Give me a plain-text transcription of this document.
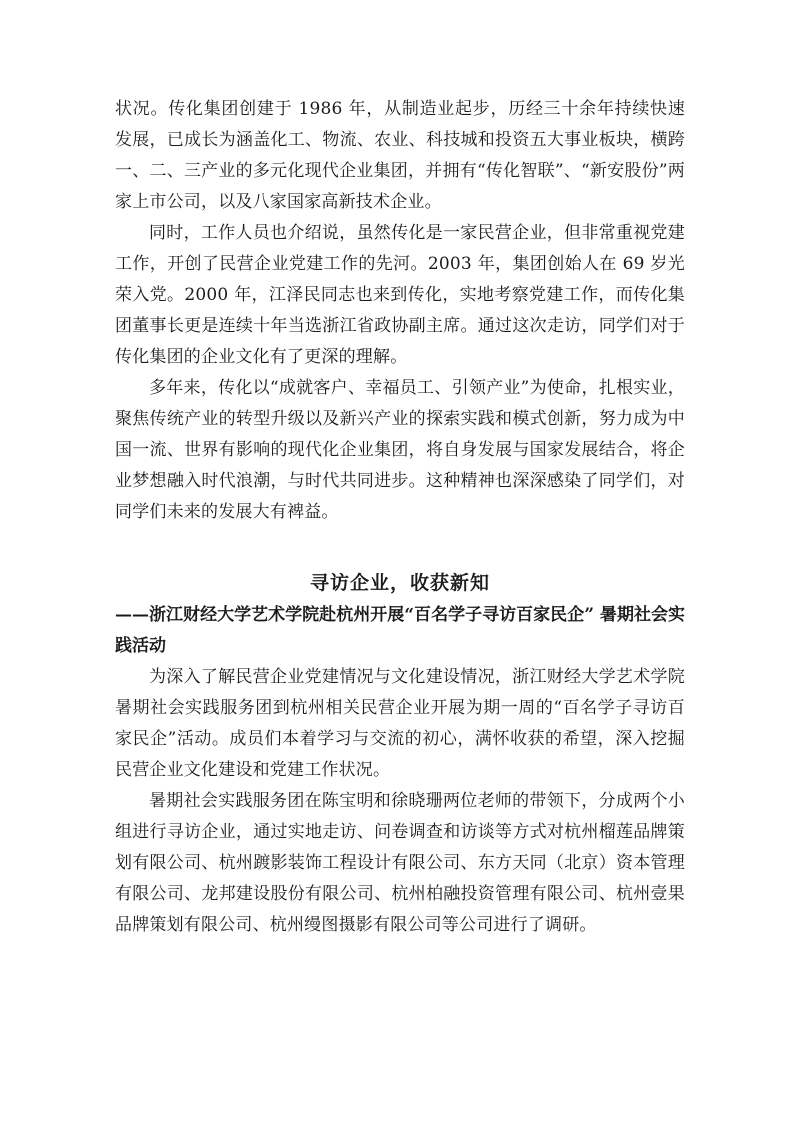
状况。传化集团创建于 1986 年，从制造业起步，历经三十余年持续快速发展，已成长为涵盖化工、物流、农业、科技城和投资五大事业板块，横跨一、二、三产业的多元化现代企业集团，并拥有“传化智联”、“新安股份”两家上市公司，以及八家国家高新技术企业。

同时，工作人员也介绍说，虽然传化是一家民营企业，但非常重视党建工作，开创了民营企业党建工作的先河。2003 年，集团创始人在 69 岁光荣入党。2000 年，江泽民同志也来到传化，实地考察党建工作，而传化集团董事长更是连续十年当选浙江省政协副主席。通过这次走访，同学们对于传化集团的企业文化有了更深的理解。

多年来，传化以“成就客户、幸福员工、引领产业”为使命，扎根实业，聚焦传统产业的转型升级以及新兴产业的探索实践和模式创新，努力成为中国一流、世界有影响的现代化企业集团，将自身发展与国家发展结合，将企业梦想融入时代浪潮，与时代共同进步。这种精神也深深感染了同学们，对同学们未来的发展大有裨益。

寻访企业，收获新知

——浙江财经大学艺术学院赴杭州开展“百名学子寻访百家民企” 暑期社会实践活动

为深入了解民营企业党建情况与文化建设情况，浙江财经大学艺术学院暑期社会实践服务团到杭州相关民营企业开展为期一周的“百名学子寻访百家民企”活动。成员们本着学习与交流的初心，满怀收获的希望，深入挖掘民营企业文化建设和党建工作状况。

暑期社会实践服务团在陈宝明和徐晓珊两位老师的带领下，分成两个小组进行寻访企业，通过实地走访、问卷调查和访谈等方式对杭州榴莲品牌策划有限公司、杭州踱影装饰工程设计有限公司、东方天同（北京）资本管理有限公司、龙邦建设股份有限公司、杭州柏融投资管理有限公司、杭州壹果品牌策划有限公司、杭州缦图摄影有限公司等公司进行了调研。
